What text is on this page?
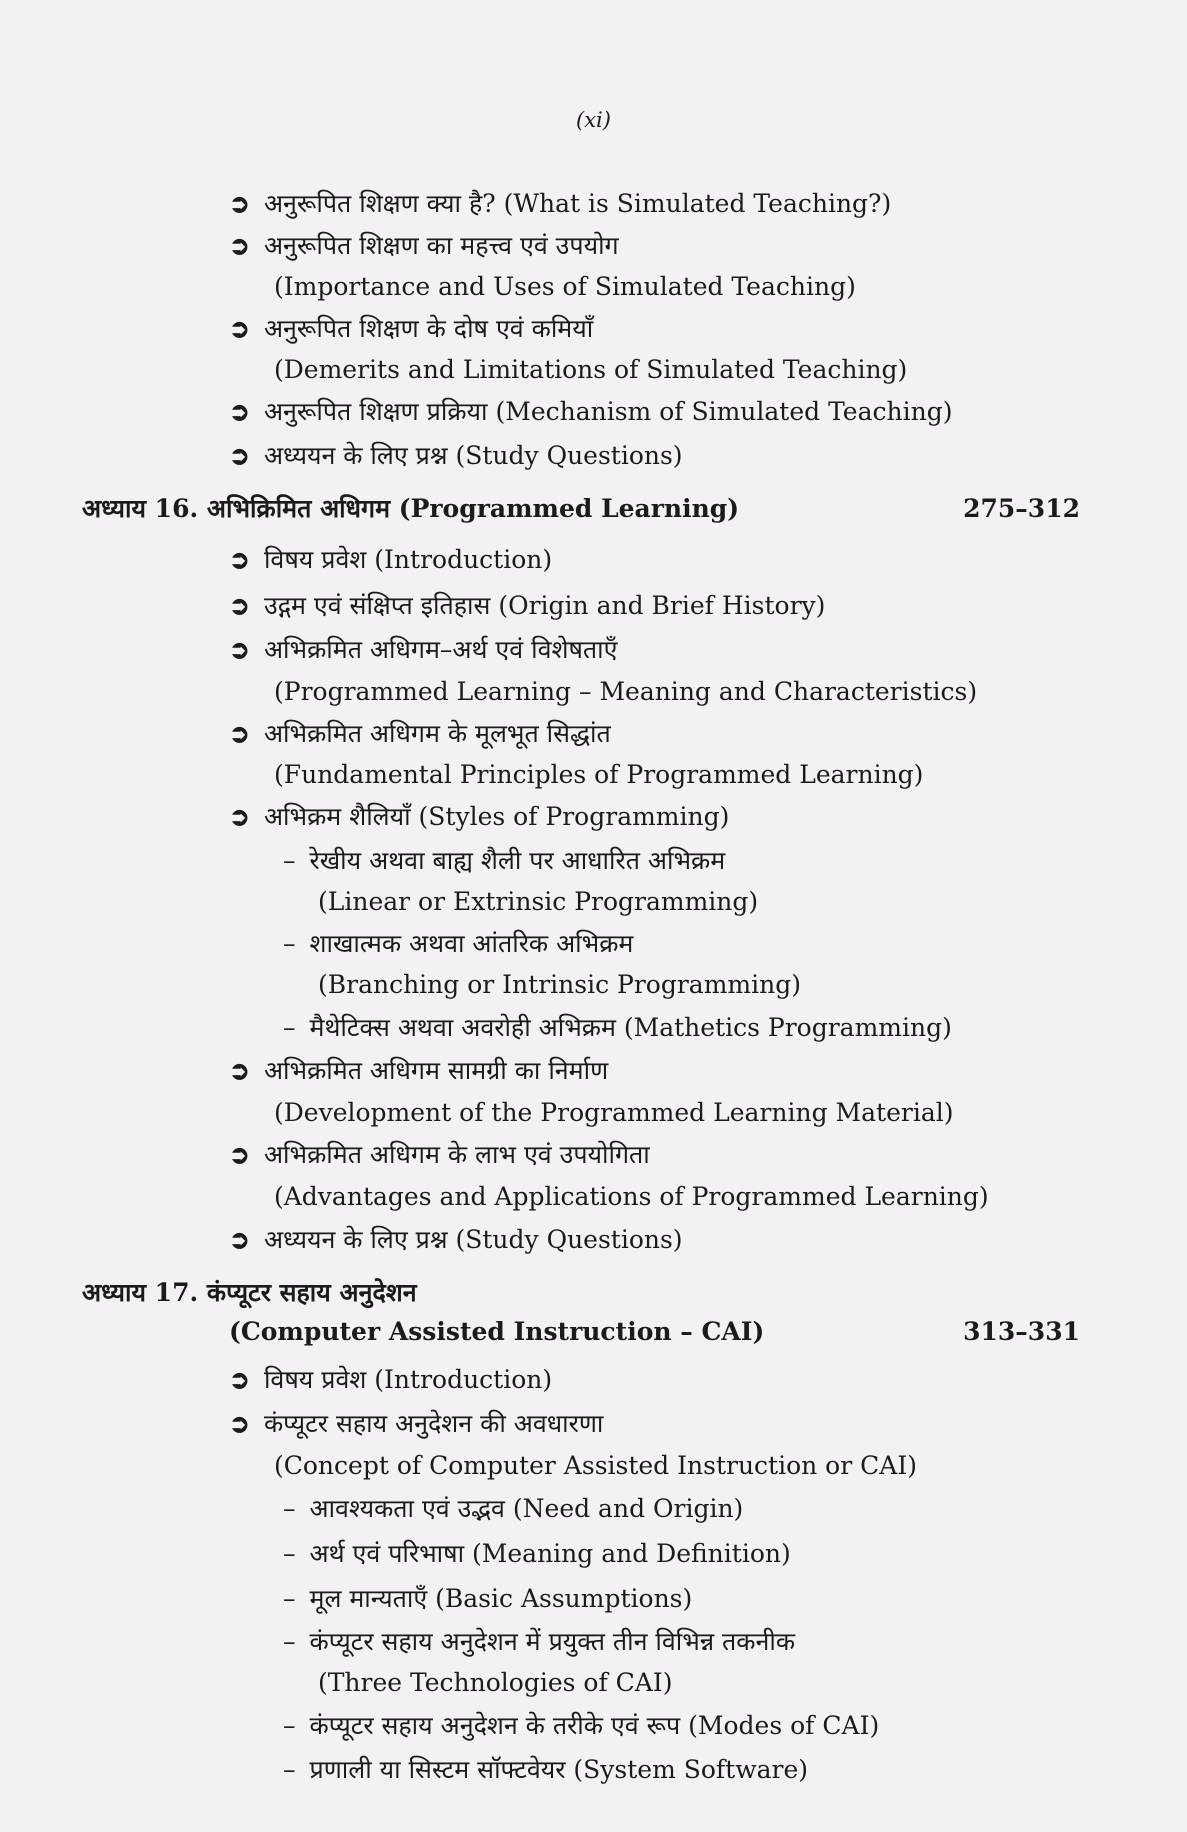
(xi)
➲ अनुरूपित शिक्षण क्या है? (What is Simulated Teaching?)
➲ अनुरूपित शिक्षण का महत्त्व एवं उपयोग
(Importance and Uses of Simulated Teaching)
➲ अनुरूपित शिक्षण के दोष एवं कमियाँ
(Demerits and Limitations of Simulated Teaching)
➲ अनुरूपित शिक्षण प्रक्रिया (Mechanism of Simulated Teaching)
➲ अध्ययन के लिए प्रश्न (Study Questions)
अध्याय 16. अभिक्रिमित अधिगम (Programmed Learning)	275–312
➲ विषय प्रवेश (Introduction)
➲ उद्गम एवं संक्षिप्त इतिहास (Origin and Brief History)
➲ अभिक्रमित अधिगम–अर्थ एवं विशेषताएँ
(Programmed Learning – Meaning and Characteristics)
➲ अभिक्रमित अधिगम के मूलभूत सिद्धांत
(Fundamental Principles of Programmed Learning)
➲ अभिक्रम शैलियाँ (Styles of Programming)
– रेखीय अथवा बाह्य शैली पर आधारित अभिक्रम
(Linear or Extrinsic Programming)
– शाखात्मक अथवा आंतरिक अभिक्रम
(Branching or Intrinsic Programming)
– मैथेटिक्स अथवा अवरोही अभिक्रम (Mathetics Programming)
➲ अभिक्रमित अधिगम सामग्री का निर्माण
(Development of the Programmed Learning Material)
➲ अभिक्रमित अधिगम के लाभ एवं उपयोगिता
(Advantages and Applications of Programmed Learning)
➲ अध्ययन के लिए प्रश्न (Study Questions)
अध्याय 17. कंप्यूटर सहाय अनुदेशन
(Computer Assisted Instruction – CAI)	313–331
➲ विषय प्रवेश (Introduction)
➲ कंप्यूटर सहाय अनुदेशन की अवधारणा
(Concept of Computer Assisted Instruction or CAI)
– आवश्यकता एवं उद्भव (Need and Origin)
– अर्थ एवं परिभाषा (Meaning and Definition)
– मूल मान्यताएँ (Basic Assumptions)
– कंप्यूटर सहाय अनुदेशन में प्रयुक्त तीन विभिन्न तकनीक
(Three Technologies of CAI)
– कंप्यूटर सहाय अनुदेशन के तरीके एवं रूप (Modes of CAI)
– प्रणाली या सिस्टम सॉफ्टवेयर (System Software)
